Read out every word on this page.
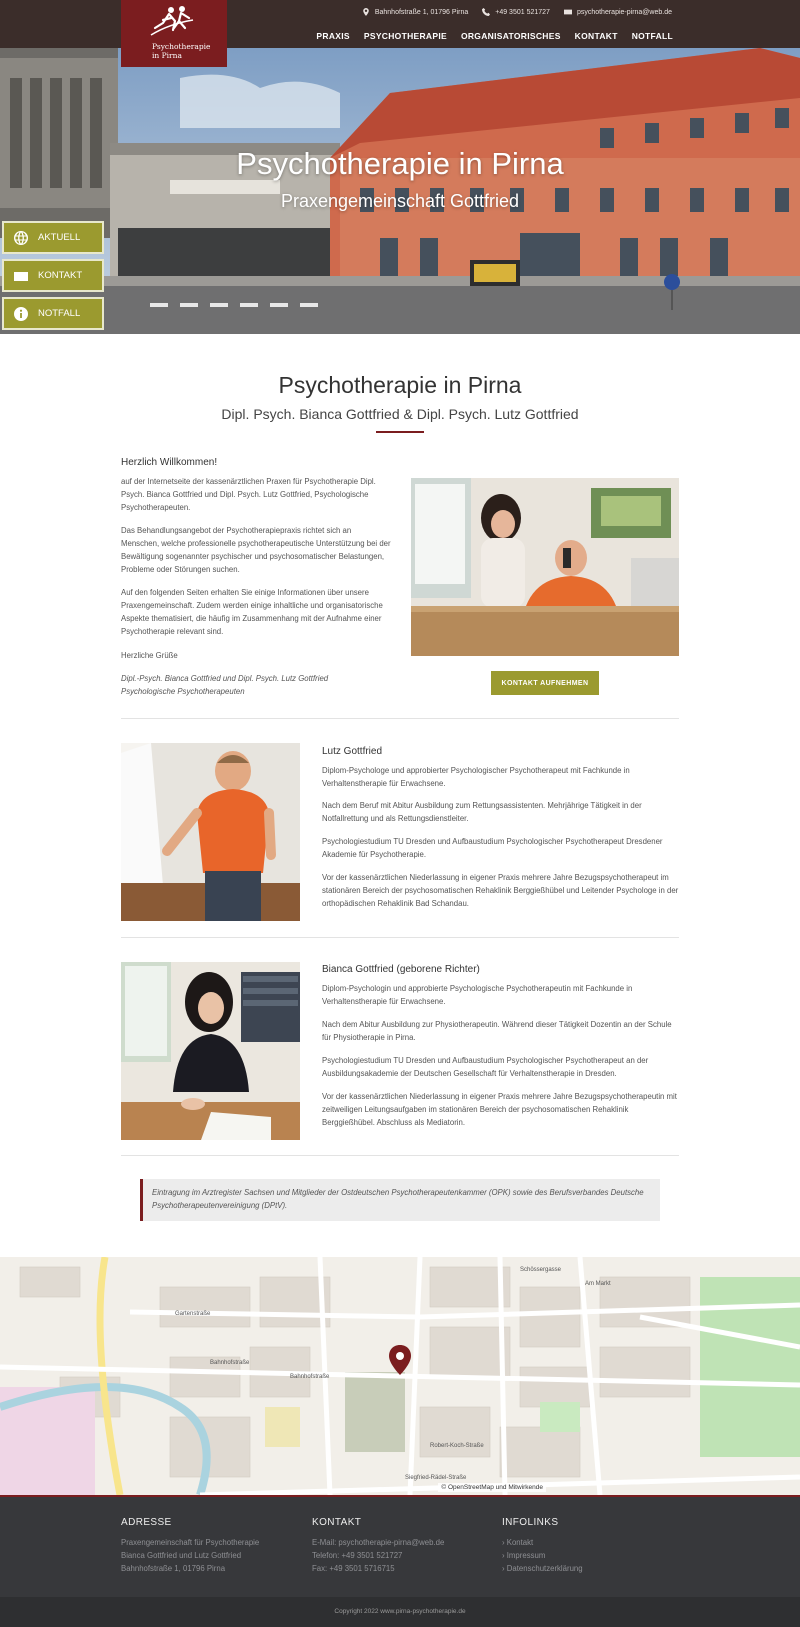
Bahnhofstraße 1, 01796 Pirna	+49 3501 521727	psychotherapie-pirna@web.de
PRAXIS PSYCHOTHERAPIE ORGANISATORISCHES KONTAKT NOTFALL
Psychotherapie
in Pirna
Psychotherapie in Pirna
Praxengemeinschaft Gottfried
AKTUELL
KONTAKT
NOTFALL
Psychotherapie in Pirna
Dipl. Psych. Bianca Gottfried & Dipl. Psych. Lutz Gottfried
Herzlich Willkommen!
auf der Internetseite der kassenärztlichen Praxen für Psychotherapie Dipl. Psych. Bianca Gottfried und Dipl. Psych. Lutz Gottfried, Psychologische Psychotherapeuten.
Das Behandlungsangebot der Psychotherapiepraxis richtet sich an Menschen, welche professionelle psychotherapeutische Unterstützung bei der Bewältigung sogenannter psychischer und psychosomatischer Belastungen, Probleme oder Störungen suchen.
Auf den folgenden Seiten erhalten Sie einige Informationen über unsere Praxengemeinschaft. Zudem werden einige inhaltliche und organisatorische Aspekte thematisiert, die häufig im Zusammenhang mit der Aufnahme einer Psychotherapie relevant sind.
Herzliche Grüße
Dipl.-Psych. Bianca Gottfried und Dipl. Psych. Lutz Gottfried Psychologische Psychotherapeuten
KONTAKT AUFNEHMEN
Lutz Gottfried
Diplom-Psychologe und approbierter Psychologischer Psychotherapeut mit Fachkunde in Verhaltenstherapie für Erwachsene.
Nach dem Beruf mit Abitur Ausbildung zum Rettungsassistenten. Mehrjährige Tätigkeit in der Notfallrettung und als Rettungsdienstleiter.
Psychologiestudium TU Dresden und Aufbaustudium Psychologischer Psychotherapeut Dresdener Akademie für Psychotherapie.
Vor der kassenärztlichen Niederlassung in eigener Praxis mehrere Jahre Bezugspsychotherapeut im stationären Bereich der psychosomatischen Rehaklinik Berggießhübel und Leitender Psychologe in der orthopädischen Rehaklinik Bad Schandau.
Bianca Gottfried (geborene Richter)
Diplom-Psychologin und approbierte Psychologische Psychotherapeutin mit Fachkunde in Verhaltenstherapie für Erwachsene.
Nach dem Abitur Ausbildung zur Physiotherapeutin. Während dieser Tätigkeit Dozentin an der Schule für Physiotherapie in Pirna.
Psychologiestudium TU Dresden und Aufbaustudium Psychologischer Psychotherapeut an der Ausbildungsakademie der Deutschen Gesellschaft für Verhaltenstherapie in Dresden.
Vor der kassenärztlichen Niederlassung in eigener Praxis mehrere Jahre Bezugspsychotherapeutin mit zeitweiligen Leitungsaufgaben im stationären Bereich der psychosomatischen Rehaklinik Berggießhübel. Abschluss als Mediatorin.
Eintragung im Arztregister Sachsen und Mitglieder der Ostdeutschen Psychotherapeutenkammer (OPK) sowie des Berufsverbandes Deutsche Psychotherapeutenvereinigung (DPtV).
Gartenstraße
Bahnhofstraße
Bahnhofstraße
Siegfried-Rädel-Straße
Robert-Koch-Straße
Schössergasse
Am Markt
© OpenStreetMap und Mitwirkende
ADRESSE
Praxengemeinschaft für Psychotherapie
Bianca Gottfried und Lutz Gottfried
Bahnhofstraße 1, 01796 Pirna
KONTAKT
E-Mail: psychotherapie-pirna@web.de
Telefon: +49 3501 521727
Fax: +49 3501 5716715
INFOLINKS
› Kontakt
› Impressum
› Datenschutzerklärung
Copyright 2022 www.pirna-psychotherapie.de
